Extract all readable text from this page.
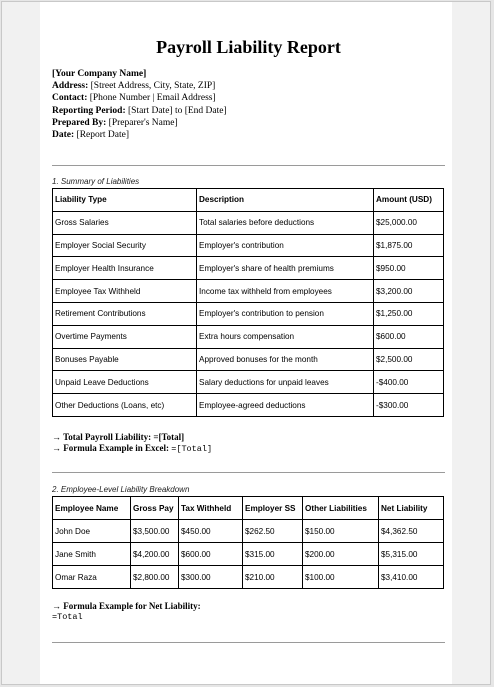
Payroll Liability Report
[Your Company Name]
Address: [Street Address, City, State, ZIP]
Contact: [Phone Number | Email Address]
Reporting Period: [Start Date] to [End Date]
Prepared By: [Preparer's Name]
Date: [Report Date]
1. Summary of Liabilities
Liability Type	Description	Amount (USD)
Gross Salaries	Total salaries before deductions	$25,000.00
Employer Social Security	Employer's contribution	$1,875.00
Employer Health Insurance	Employer's share of health premiums	$950.00
Employee Tax Withheld	Income tax withheld from employees	$3,200.00
Retirement Contributions	Employer's contribution to pension	$1,250.00
Overtime Payments	Extra hours compensation	$600.00
Bonuses Payable	Approved bonuses for the month	$2,500.00
Unpaid Leave Deductions	Salary deductions for unpaid leaves	-$400.00
Other Deductions (Loans, etc)	Employee-agreed deductions	-$300.00
→ Total Payroll Liability: =[Total]
→ Formula Example in Excel: =[Total]
2. Employee-Level Liability Breakdown
Employee Name	Gross Pay	Tax Withheld	Employer SS	Other Liabilities	Net Liability
John Doe	$3,500.00	$450.00	$262.50	$150.00	$4,362.50
Jane Smith	$4,200.00	$600.00	$315.00	$200.00	$5,315.00
Omar Raza	$2,800.00	$300.00	$210.00	$100.00	$3,410.00
→ Formula Example for Net Liability:
=Total
